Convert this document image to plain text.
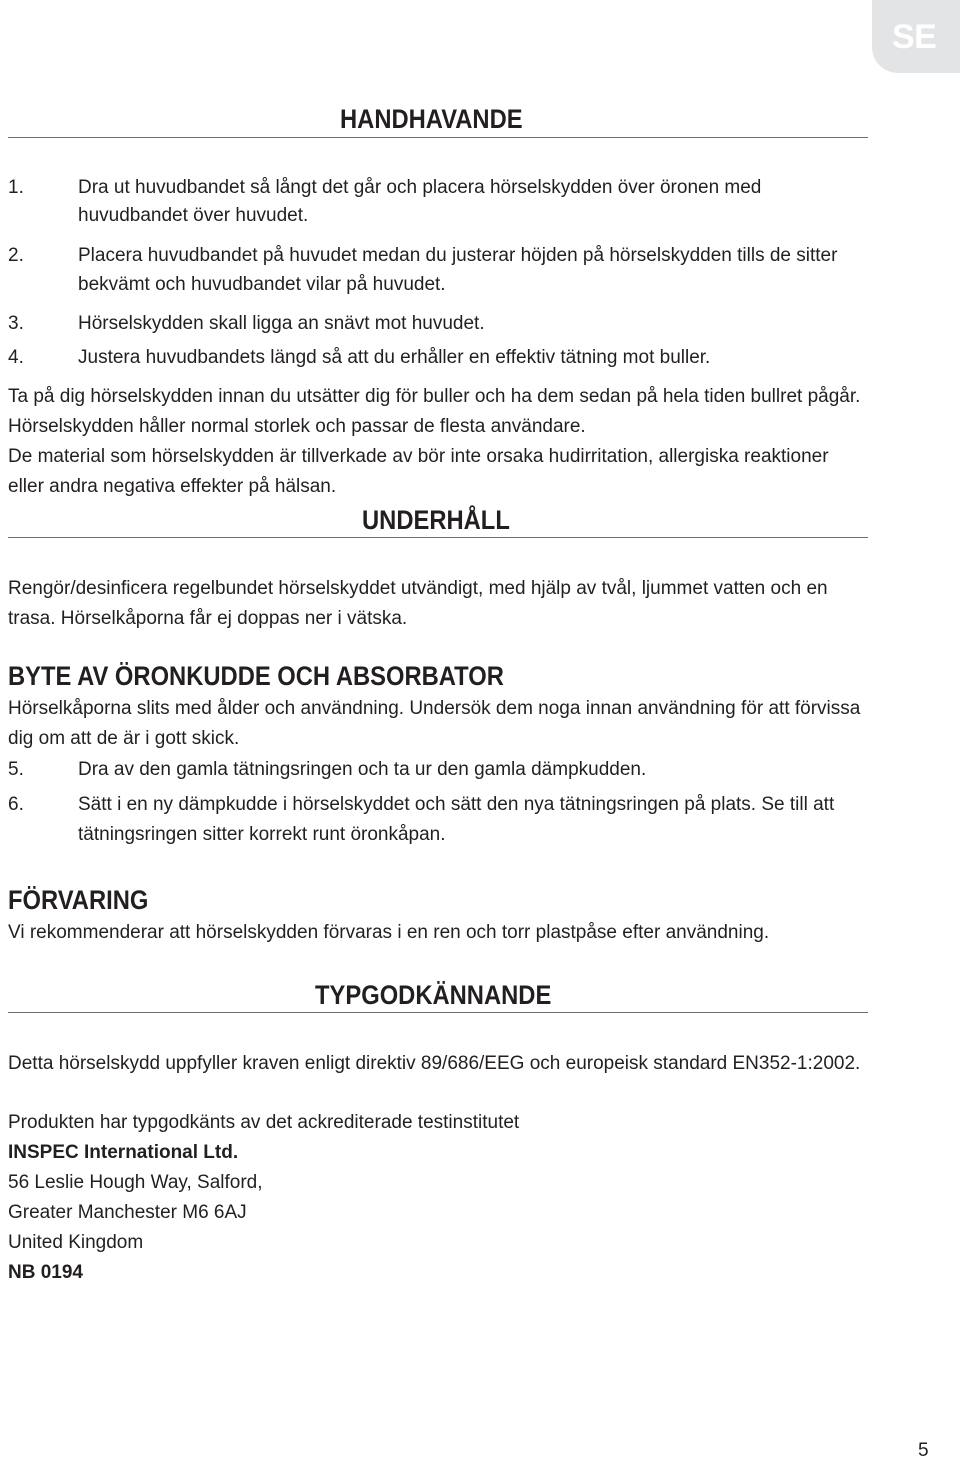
SE
HANDHAVANDE
1.	Dra ut huvudbandet så långt det går och placera hörselskydden över öronen med
huvudbandet över huvudet.
2.	Placera huvudbandet på huvudet medan du justerar höjden på hörselskydden tills de sitter
bekvämt och huvudbandet vilar på huvudet.
3.	Hörselskydden skall ligga an snävt mot huvudet.
4.	Justera huvudbandets längd så att du erhåller en effektiv tätning mot buller.
Ta på dig hörselskydden innan du utsätter dig för buller och ha dem sedan på hela tiden bullret pågår.
Hörselskydden håller normal storlek och passar de flesta användare.
De material som hörselskydden är tillverkade av bör inte orsaka hudirritation, allergiska reaktioner
eller andra negativa effekter på hälsan.
UNDERHÅLL
Rengör/desinficera regelbundet hörselskyddet utvändigt, med hjälp av tvål, ljummet vatten och en
trasa. Hörselkåporna får ej doppas ner i vätska.
BYTE AV ÖRONKUDDE OCH ABSORBATOR
Hörselkåporna slits med ålder och användning. Undersök dem noga innan användning för att förvissa
dig om att de är i gott skick.
5.	Dra av den gamla tätningsringen och ta ur den gamla dämpkudden.
6.	Sätt i en ny dämpkudde i hörselskyddet och sätt den nya tätningsringen på plats. Se till att
tätningsringen sitter korrekt runt öronkåpan.
FÖRVARING
Vi rekommenderar att hörselskydden förvaras i en ren och torr plastpåse efter användning.
TYPGODKÄNNANDE
Detta hörselskydd uppfyller kraven enligt direktiv 89/686/EEG och europeisk standard EN352-1:2002.
Produkten har typgodkänts av det ackrediterade testinstitutet
INSPEC International Ltd.
56 Leslie Hough Way, Salford,
Greater Manchester M6 6AJ
United Kingdom
NB 0194
5
